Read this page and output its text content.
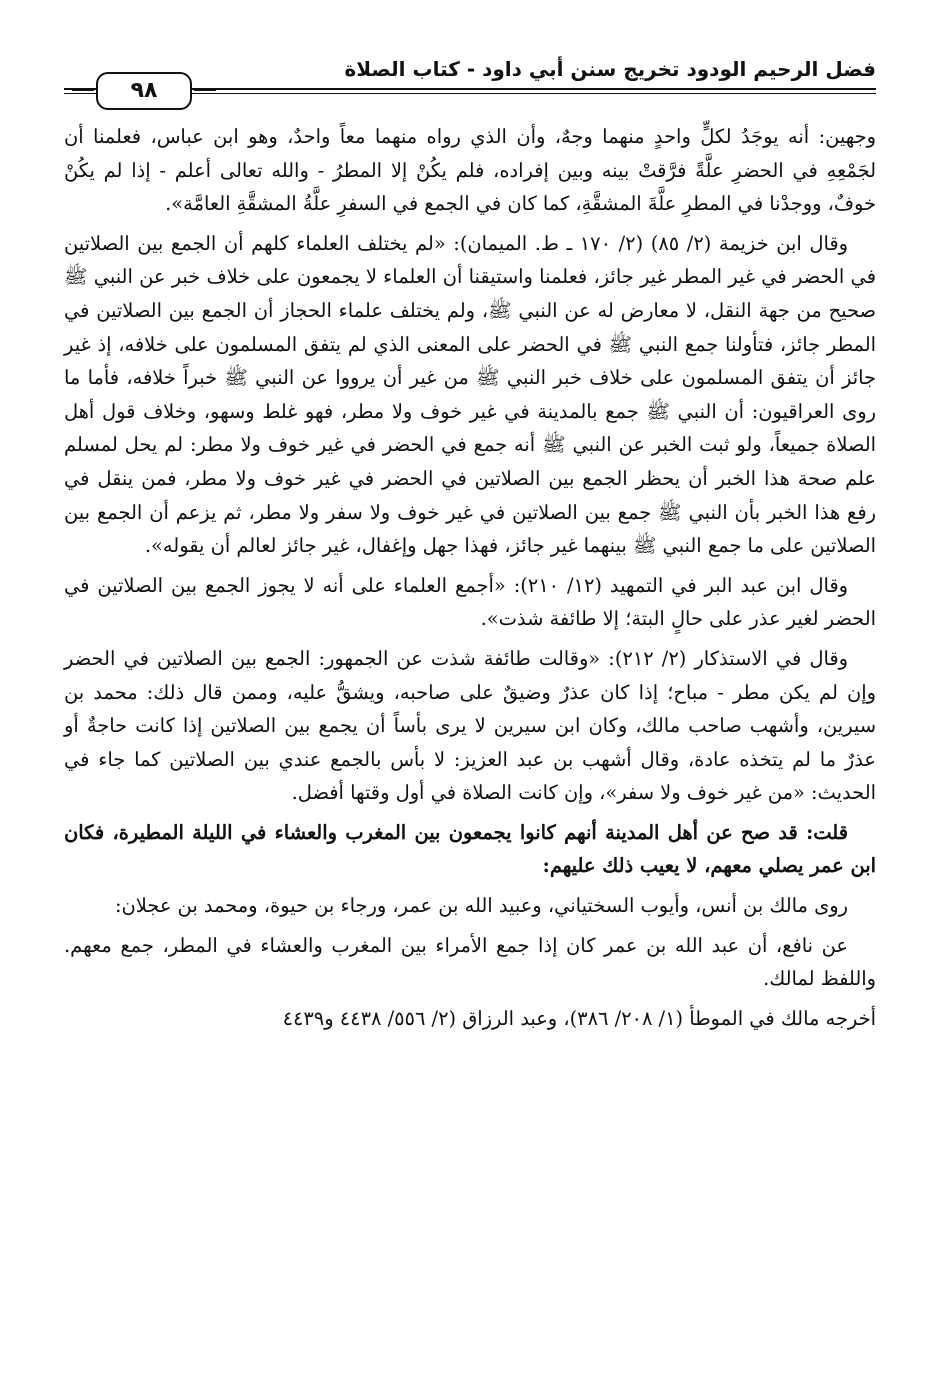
فضل الرحيم الودود تخريج سنن أبي داود - كتاب الصلاة
٩٨

وجهين: أنه يوجَدُ لكلٍّ واحدٍ منهما وجهٌ، وأن الذي رواه منهما معاً واحدٌ، وهو ابن عباس، فعلمنا أن لجَمْعِهِ في الحضرِ علَّةً فرَّقتْ بينه وبين إفراده، فلم يكُنْ إلا المطرُ - والله تعالى أعلم - إذا لم يكُنْ خوفٌ، ووجدْنا في المطرِ علَّةَ المشقَّةِ، كما كان في الجمع في السفرِ علَّةُ المشقَّةِ العامَّة».

وقال ابن خزيمة (٢/ ٨٥) (٢/ ١٧٠ ـ ط. الميمان): «لم يختلف العلماء كلهم أن الجمع بين الصلاتين في الحضر في غير المطر غير جائز، فعلمنا واستيقنا أن العلماء لا يجمعون على خلاف خبر عن النبي ﷺ صحيح من جهة النقل، لا معارض له عن النبي ﷺ، ولم يختلف علماء الحجاز أن الجمع بين الصلاتين في المطر جائز، فتأولنا جمع النبي ﷺ في الحضر على المعنى الذي لم يتفق المسلمون على خلافه، إذ غير جائز أن يتفق المسلمون على خلاف خبر النبي ﷺ من غير أن يرووا عن النبي ﷺ خبراً خلافه، فأما ما روى العراقيون: أن النبي ﷺ جمع بالمدينة في غير خوف ولا مطر، فهو غلط وسهو، وخلاف قول أهل الصلاة جميعاً، ولو ثبت الخبر عن النبي ﷺ أنه جمع في الحضر في غير خوف ولا مطر: لم يحل لمسلم علم صحة هذا الخبر أن يحظر الجمع بين الصلاتين في الحضر في غير خوف ولا مطر، فمن ينقل في رفع هذا الخبر بأن النبي ﷺ جمع بين الصلاتين في غير خوف ولا سفر ولا مطر، ثم يزعم أن الجمع بين الصلاتين على ما جمع النبي ﷺ بينهما غير جائز، فهذا جهل وإغفال، غير جائز لعالم أن يقوله».

وقال ابن عبد البر في التمهيد (١٢/ ٢١٠): «أجمع العلماء على أنه لا يجوز الجمع بين الصلاتين في الحضر لغير عذر على حالٍ البتة؛ إلا طائفة شذت».

وقال في الاستذكار (٢/ ٢١٢): «وقالت طائفة شذت عن الجمهور: الجمع بين الصلاتين في الحضر وإن لم يكن مطر - مباح؛ إذا كان عذرٌ وضيقٌ على صاحبه، ويشقُّ عليه، وممن قال ذلك: محمد بن سيرين، وأشهب صاحب مالك، وكان ابن سيرين لا يرى بأساً أن يجمع بين الصلاتين إذا كانت حاجةٌ أو عذرٌ ما لم يتخذه عادة، وقال أشهب بن عبد العزيز: لا بأس بالجمع عندي بين الصلاتين كما جاء في الحديث: «من غير خوف ولا سفر»، وإن كانت الصلاة في أول وقتها أفضل.

قلت: قد صح عن أهل المدينة أنهم كانوا يجمعون بين المغرب والعشاء في الليلة المطيرة، فكان ابن عمر يصلي معهم، لا يعيب ذلك عليهم:

روى مالك بن أنس، وأيوب السختياني، وعبيد الله بن عمر، ورجاء بن حيوة، ومحمد بن عجلان:

عن نافع، أن عبد الله بن عمر كان إذا جمع الأمراء بين المغرب والعشاء في المطر، جمع معهم. واللفظ لمالك.

أخرجه مالك في الموطأ (١/ ٢٠٨/ ٣٨٦)، وعبد الرزاق (٢/ ٥٥٦/ ٤٤٣٨ و٤٤٣٩
